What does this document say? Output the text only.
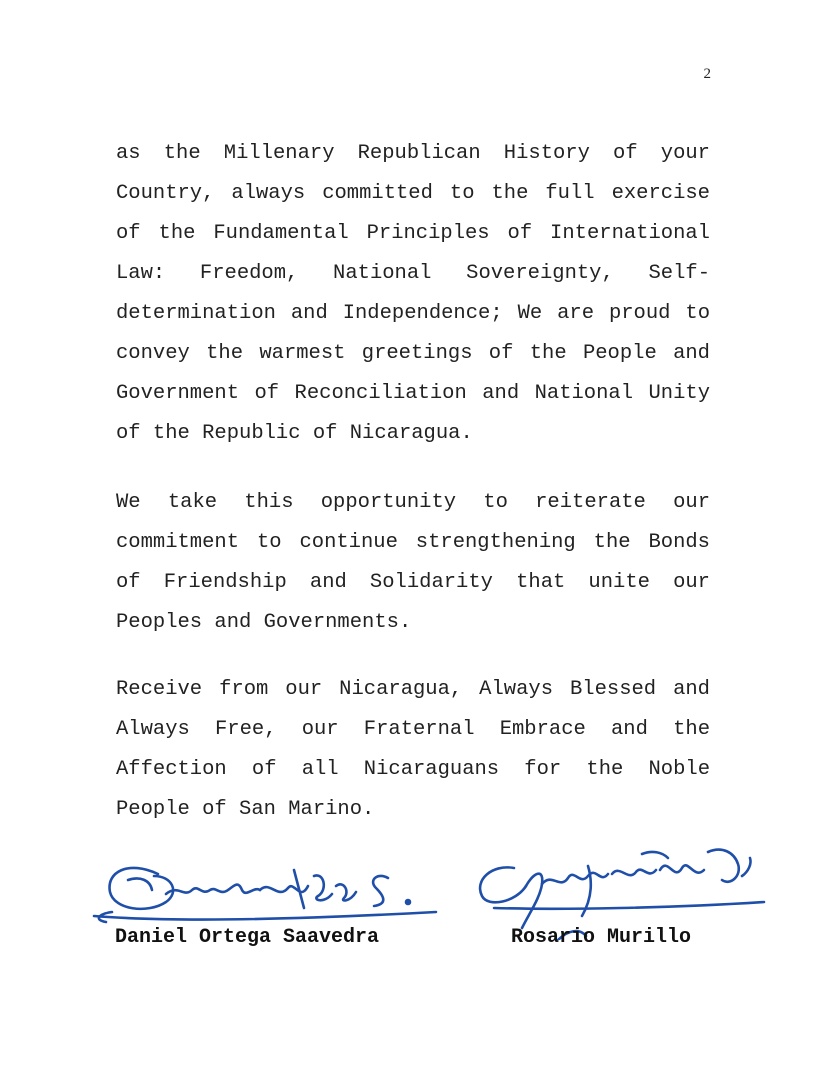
2

as the Millenary Republican History of your Country, always committed to the full exercise of the Fundamental Principles of International Law: Freedom, National Sovereignty, Self-determination and Independence; We are proud to convey the warmest greetings of the People and Government of Reconciliation and National Unity of the Republic of Nicaragua.

We take this opportunity to reiterate our commitment to continue strengthening the Bonds of Friendship and Solidarity that unite our Peoples and Governments.

Receive from our Nicaragua, Always Blessed and Always Free, our Fraternal Embrace and the Affection of all Nicaraguans for the Noble People of San Marino.

Daniel Ortega Saavedra	Rosario Murillo
